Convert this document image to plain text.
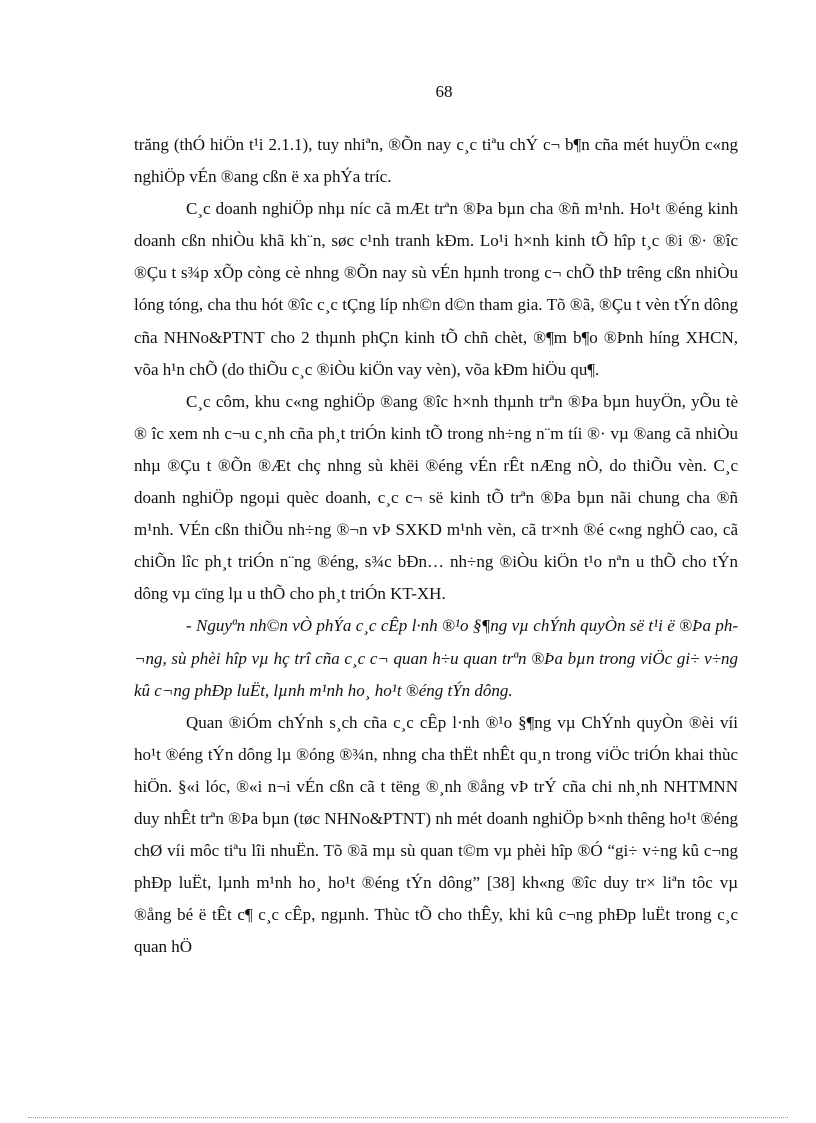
68

trăng (thÓ hiÖn t¹i 2.1.1), tuy nhiªn, ®Õn nay c¸c tiªu chÝ c¬ b¶n cña mét huyÖn c«ng nghiÖp vÉn ®ang cßn ë xa phÝa tríc.

C¸c doanh nghiÖp nhµ níc cã mÆt trªn ®Þa bµn cha ®ñ m¹nh. Ho¹t ®éng kinh doanh cßn nhiÒu khã kh¨n, søc c¹nh tranh kÐm. Lo¹i h×nh kinh tÕ hîp t¸c ®i ®· ®îc ®Çu t s¾p xÕp còng cè nhng ®Õn nay sù vÉn hµnh trong c¬ chÕ thÞ trêng cßn nhiÒu lóng tóng, cha thu hót ®îc c¸c tÇng líp nh©n d©n tham gia. Tõ ®ã, ®Çu t vèn tÝn dông cña NHNo&PTNT cho 2 thµnh phÇn kinh tÕ chñ chèt, ®¶m b¶o ®Þnh híng XHCN, võa h¹n chÕ (do thiÕu c¸c ®iÒu kiÖn vay vèn), võa kÐm hiÖu qu¶.

C¸c côm, khu c«ng nghiÖp ®ang ®îc h×nh thµnh trªn ®Þa bµn huyÖn, yÕu tè ® îc xem nh c¬u c¸nh cña ph¸t triÓn kinh tÕ trong nh÷ng n¨m tíi ®· vµ ®ang cã nhiÒu nhµ ®Çu t ®Õn ®Æt chç nhng sù khëi ®éng vÉn rÊt nÆng nÒ, do thiÕu vèn. C¸c doanh nghiÖp ngoµi quèc doanh, c¸c c¬ së kinh tÕ trªn ®Þa bµn nãi chung cha ®ñ m¹nh. VÉn cßn thiÕu nh÷ng ®¬n vÞ SXKD m¹nh vèn, cã tr×nh ®é c«ng nghÖ cao, cã chiÕn lîc ph¸t triÓn n¨ng ®éng, s¾c bÐn… nh÷ng ®iÒu kiÖn t¹o nªn u thÕ cho tÝn dông vµ cïng lµ u thÕ cho ph¸t triÓn KT-XH.

- Nguyªn nh©n vÒ phÝa c¸c cÊp l·nh ®¹o §¶ng vµ chÝnh quyÒn së t¹i ë ®Þa ph¬ng, sù phèi hîp vµ hç trî cña c¸c c¬ quan h÷u quan trªn ®Þa bµn trong viÖc gi÷ v÷ng kû c¬ng phÐp luËt, lµnh m¹nh ho¸ ho¹t ®éng tÝn dông.

Quan ®iÓm chÝnh s¸ch cña c¸c cÊp l·nh ®¹o §¶ng vµ ChÝnh quyÒn ®èi víi ho¹t ®éng tÝn dông lµ ®óng ®¾n, nhng cha thËt nhÊt qu¸n trong viÖc triÓn khai thùc hiÖn. §«i lóc, ®«i n¬i vÉn cßn cã t tëng ®¸nh ®ång vÞ trÝ cña chi nh¸nh NHTMNN duy nhÊt trªn ®Þa bµn (tøc NHNo&PTNT) nh mét doanh nghiÖp b×nh thêng ho¹t ®éng chØ víi môc tiªu lîi nhuËn. Tõ ®ã mµ sù quan t©m vµ phèi hîp ®Ó “gi÷ v÷ng kû c¬ng phÐp luËt, lµnh m¹nh ho¸ ho¹t ®éng tÝn dông” [38] kh«ng ®îc duy tr× liªn tôc vµ ®ång bé ë tÊt c¶ c¸c cÊp, ngµnh. Thùc tÕ cho thÊy, khi kû c¬ng phÐp luËt trong c¸c quan hÖ
